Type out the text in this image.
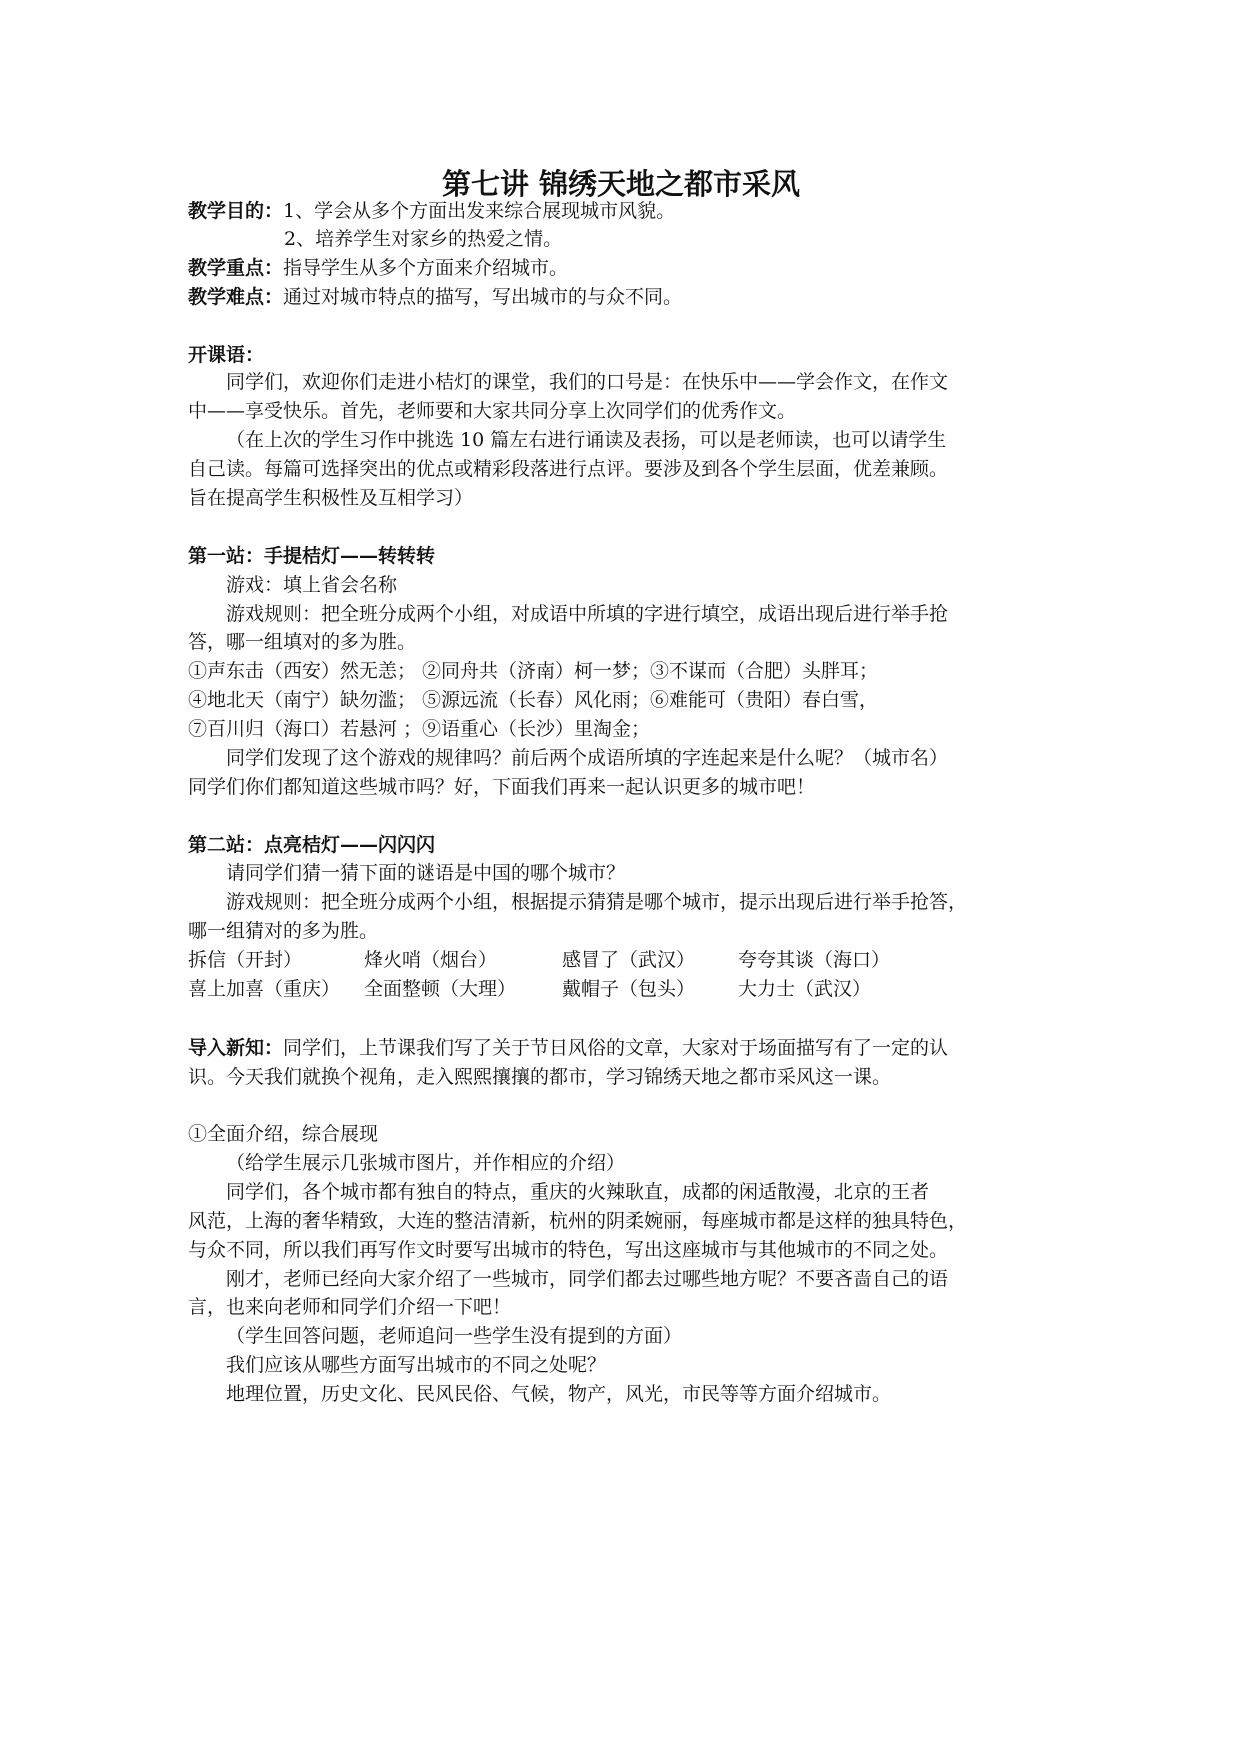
第七讲 锦绣天地之都市采风
教学目的：1、学会从多个方面出发来综合展现城市风貌。
2、培养学生对家乡的热爱之情。
教学重点：指导学生从多个方面来介绍城市。
教学难点：通过对城市特点的描写，写出城市的与众不同。
开课语：
同学们，欢迎你们走进小桔灯的课堂，我们的口号是：在快乐中——学会作文，在作文
中——享受快乐。首先，老师要和大家共同分享上次同学们的优秀作文。
（在上次的学生习作中挑选 10 篇左右进行诵读及表扬，可以是老师读，也可以请学生
自己读。每篇可选择突出的优点或精彩段落进行点评。要涉及到各个学生层面，优差兼顾。
旨在提高学生积极性及互相学习）
第一站：手提桔灯——转转转
游戏：填上省会名称
游戏规则：把全班分成两个小组，对成语中所填的字进行填空，成语出现后进行举手抢
答，哪一组填对的多为胜。
①声东击（西安）然无恙； ②同舟共（济南）柯一梦；③不谋而（合肥）头胖耳；
④地北天（南宁）缺勿滥； ⑤源远流（长春）风化雨；⑥难能可（贵阳）春白雪，
⑦百川归（海口）若悬河 ；⑨语重心（长沙）里淘金；
同学们发现了这个游戏的规律吗？前后两个成语所填的字连起来是什么呢？（城市名）
同学们你们都知道这些城市吗？好，下面我们再来一起认识更多的城市吧！
第二站：点亮桔灯——闪闪闪
请同学们猜一猜下面的谜语是中国的哪个城市？
游戏规则：把全班分成两个小组，根据提示猜猜是哪个城市，提示出现后进行举手抢答，
哪一组猜对的多为胜。
拆信（开封）	烽火哨（烟台）	感冒了（武汉） 夸夸其谈（海口）
喜上加喜（重庆） 全面整顿（大理） 戴帽子（包头） 大力士（武汉）
导入新知：同学们，上节课我们写了关于节日风俗的文章，大家对于场面描写有了一定的认
识。今天我们就换个视角，走入熙熙攘攘的都市，学习锦绣天地之都市采风这一课。
①全面介绍，综合展现
（给学生展示几张城市图片，并作相应的介绍）
同学们，各个城市都有独自的特点，重庆的火辣耿直，成都的闲适散漫，北京的王者
风范，上海的奢华精致，大连的整洁清新，杭州的阴柔婉丽，每座城市都是这样的独具特色，
与众不同，所以我们再写作文时要写出城市的特色，写出这座城市与其他城市的不同之处。
刚才，老师已经向大家介绍了一些城市，同学们都去过哪些地方呢？不要吝啬自己的语
言，也来向老师和同学们介绍一下吧！
（学生回答问题，老师追问一些学生没有提到的方面）
我们应该从哪些方面写出城市的不同之处呢？
地理位置，历史文化、民风民俗、气候，物产，风光，市民等等方面介绍城市。
